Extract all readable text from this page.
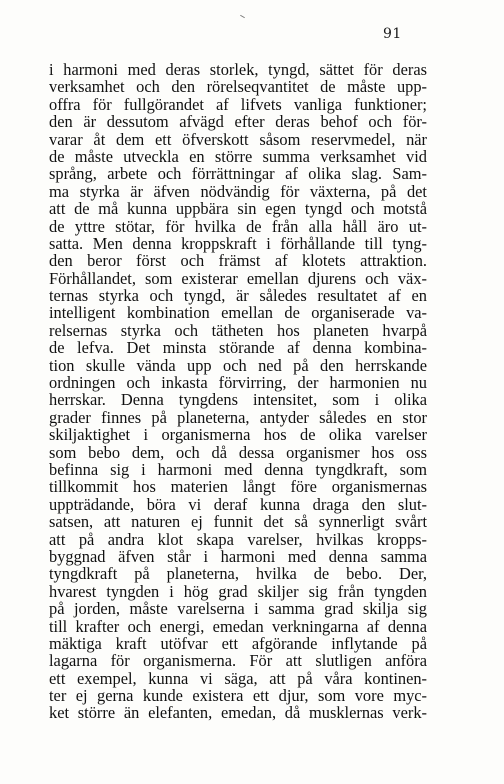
91
i harmoni med deras storlek, tyngd, sättet för deras
verksamhet och den rörelseqvantitet de måste upp-
offra för fullgörandet af lifvets vanliga funktioner;
den är dessutom afvägd efter deras behof och för-
varar åt dem ett öfverskott såsom reservmedel, när
de måste utveckla en större summa verksamhet vid
språng, arbete och förrättningar af olika slag. Sam-
ma styrka är äfven nödvändig för växterna, på det
att de må kunna uppbära sin egen tyngd och motstå
de yttre stötar, för hvilka de från alla håll äro ut-
satta. Men denna kroppskraft i förhållande till tyng-
den beror först och främst af klotets attraktion.
Förhållandet, som existerar emellan djurens och väx-
ternas styrka och tyngd, är således resultatet af en
intelligent kombination emellan de organiserade va-
relsernas styrka och tätheten hos planeten hvarpå
de lefva. Det minsta störande af denna kombina-
tion skulle vända upp och ned på den herrskande
ordningen och inkasta förvirring, der harmonien nu
herrskar. Denna tyngdens intensitet, som i olika
grader finnes på planeterna, antyder således en stor
skiljaktighet i organismerna hos de olika varelser
som bebo dem, och då dessa organismer hos oss
befinna sig i harmoni med denna tyngdkraft, som
tillkommit hos materien långt före organismernas
uppträdande, böra vi deraf kunna draga den slut-
satsen, att naturen ej funnit det så synnerligt svårt
att på andra klot skapa varelser, hvilkas kropps-
byggnad äfven står i harmoni med denna samma
tyngdkraft på planeterna, hvilka de bebo. Der,
hvarest tyngden i hög grad skiljer sig från tyngden
på jorden, måste varelserna i samma grad skilja sig
till krafter och energi, emedan verkningarna af denna
mäktiga kraft utöfvar ett afgörande inflytande på
lagarna för organismerna. För att slutligen anföra
ett exempel, kunna vi säga, att på våra kontinen-
ter ej gerna kunde existera ett djur, som vore myc-
ket större än elefanten, emedan, då musklernas verk-
